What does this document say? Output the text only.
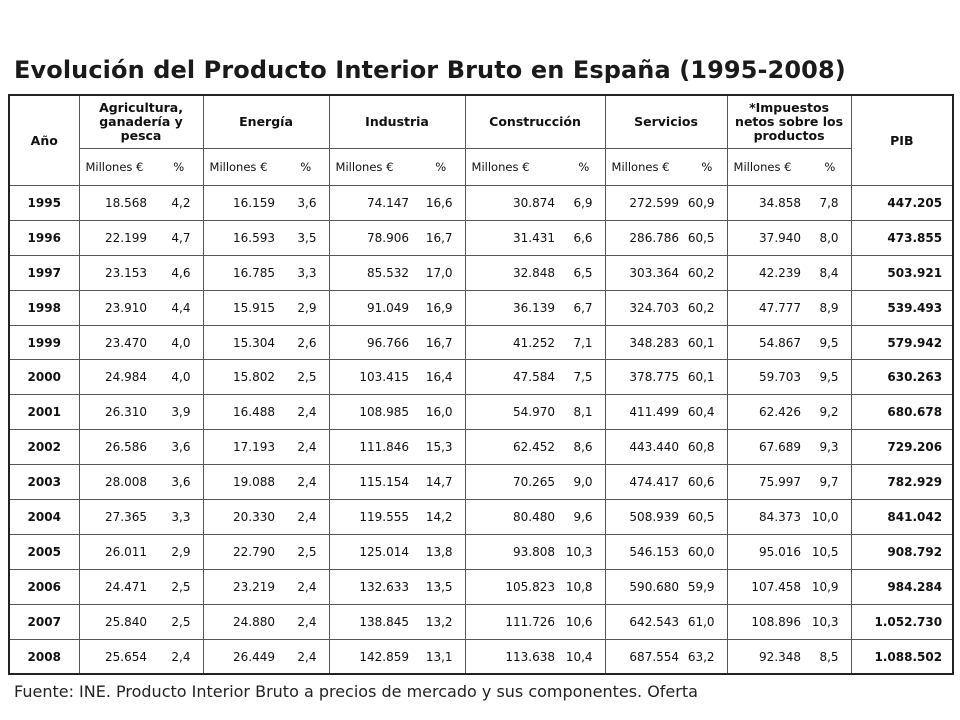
Evolución del Producto Interior Bruto en España (1995-2008)
Año	Agricultura, ganadería y pesca		Energía		Industria		Construcción		Servicios		*Impuestos netos sobre los productos		PIB
	Millones €	%	Millones €	%	Millones €	%	Millones €	%	Millones €	%	Millones €	%	
1995	18.568	4,2	16.159	3,6	74.147	16,6	30.874	6,9	272.599	60,9	34.858	7,8	447.205
1996	22.199	4,7	16.593	3,5	78.906	16,7	31.431	6,6	286.786	60,5	37.940	8,0	473.855
1997	23.153	4,6	16.785	3,3	85.532	17,0	32.848	6,5	303.364	60,2	42.239	8,4	503.921
1998	23.910	4,4	15.915	2,9	91.049	16,9	36.139	6,7	324.703	60,2	47.777	8,9	539.493
1999	23.470	4,0	15.304	2,6	96.766	16,7	41.252	7,1	348.283	60,1	54.867	9,5	579.942
2000	24.984	4,0	15.802	2,5	103.415	16,4	47.584	7,5	378.775	60,1	59.703	9,5	630.263
2001	26.310	3,9	16.488	2,4	108.985	16,0	54.970	8,1	411.499	60,4	62.426	9,2	680.678
2002	26.586	3,6	17.193	2,4	111.846	15,3	62.452	8,6	443.440	60,8	67.689	9,3	729.206
2003	28.008	3,6	19.088	2,4	115.154	14,7	70.265	9,0	474.417	60,6	75.997	9,7	782.929
2004	27.365	3,3	20.330	2,4	119.555	14,2	80.480	9,6	508.939	60,5	84.373	10,0	841.042
2005	26.011	2,9	22.790	2,5	125.014	13,8	93.808	10,3	546.153	60,0	95.016	10,5	908.792
2006	24.471	2,5	23.219	2,4	132.633	13,5	105.823	10,8	590.680	59,9	107.458	10,9	984.284
2007	25.840	2,5	24.880	2,4	138.845	13,2	111.726	10,6	642.543	61,0	108.896	10,3	1.052.730
2008	25.654	2,4	26.449	2,4	142.859	13,1	113.638	10,4	687.554	63,2	92.348	8,5	1.088.502
Fuente: INE. Producto Interior Bruto a precios de mercado y sus componentes. Oferta
